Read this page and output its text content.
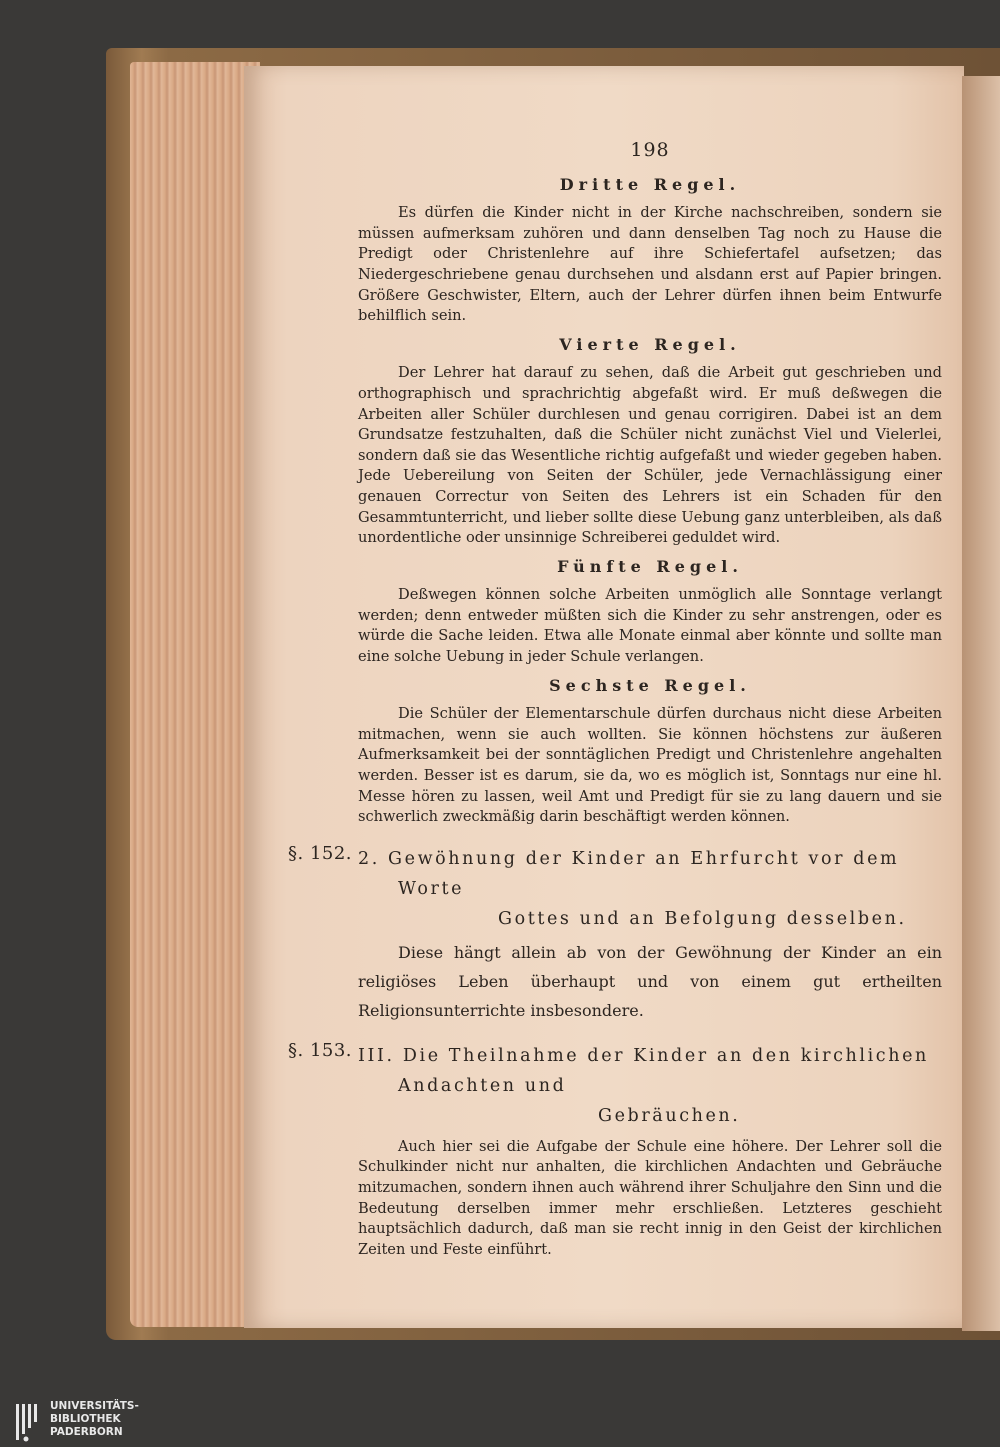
198
Dritte Regel.

Es dürfen die Kinder nicht in der Kirche nachschreiben, sondern sie müssen aufmerksam zuhören und dann denselben Tag noch zu Hause die Predigt oder Christenlehre auf ihre Schiefertafel aufsetzen; das Niedergeschriebene genau durchsehen und alsdann erst auf Papier bringen. Größere Geschwister, Eltern, auch der Lehrer dürfen ihnen beim Entwurfe behilflich sein.

Vierte Regel.

Der Lehrer hat darauf zu sehen, daß die Arbeit gut geschrieben und orthographisch und sprachrichtig abgefaßt wird. Er muß deßwegen die Arbeiten aller Schüler durchlesen und genau corrigiren. Dabei ist an dem Grundsatze festzuhalten, daß die Schüler nicht zunächst Viel und Vielerlei, sondern daß sie das Wesentliche richtig aufgefaßt und wieder gegeben haben. Jede Uebereilung von Seiten der Schüler, jede Vernachlässigung einer genauen Correctur von Seiten des Lehrers ist ein Schaden für den Gesammtunterricht, und lieber sollte diese Uebung ganz unterbleiben, als daß unordentliche oder unsinnige Schreiberei geduldet wird.

Fünfte Regel.

Deßwegen können solche Arbeiten unmöglich alle Sonntage verlangt werden; denn entweder müßten sich die Kinder zu sehr anstrengen, oder es würde die Sache leiden. Etwa alle Monate einmal aber könnte und sollte man eine solche Uebung in jeder Schule verlangen.

Sechste Regel.

Die Schüler der Elementarschule dürfen durchaus nicht diese Arbeiten mitmachen, wenn sie auch wollten. Sie können höchstens zur äußeren Aufmerksamkeit bei der sonntäglichen Predigt und Christenlehre angehalten werden. Besser ist es darum, sie da, wo es möglich ist, Sonntags nur eine hl. Messe hören zu lassen, weil Amt und Predigt für sie zu lang dauern und sie schwerlich zweckmäßig darin beschäftigt werden können.

§. 152. 2. Gewöhnung der Kinder an Ehrfurcht vor dem Worte
Gottes und an Befolgung desselben.

Diese hängt allein ab von der Gewöhnung der Kinder an ein religiöses Leben überhaupt und von einem gut ertheilten Religionsunterrichte insbesondere.

§. 153. III. Die Theilnahme der Kinder an den kirchlichen Andachten und
Gebräuchen.

Auch hier sei die Aufgabe der Schule eine höhere. Der Lehrer soll die Schulkinder nicht nur anhalten, die kirchlichen Andachten und Gebräuche mitzumachen, sondern ihnen auch während ihrer Schuljahre den Sinn und die Bedeutung derselben immer mehr erschließen. Letzteres geschieht hauptsächlich dadurch, daß man sie recht innig in den Geist der kirchlichen Zeiten und Feste einführt.

UNIVERSITÄTS-
BIBLIOTHEK
PADERBORN
